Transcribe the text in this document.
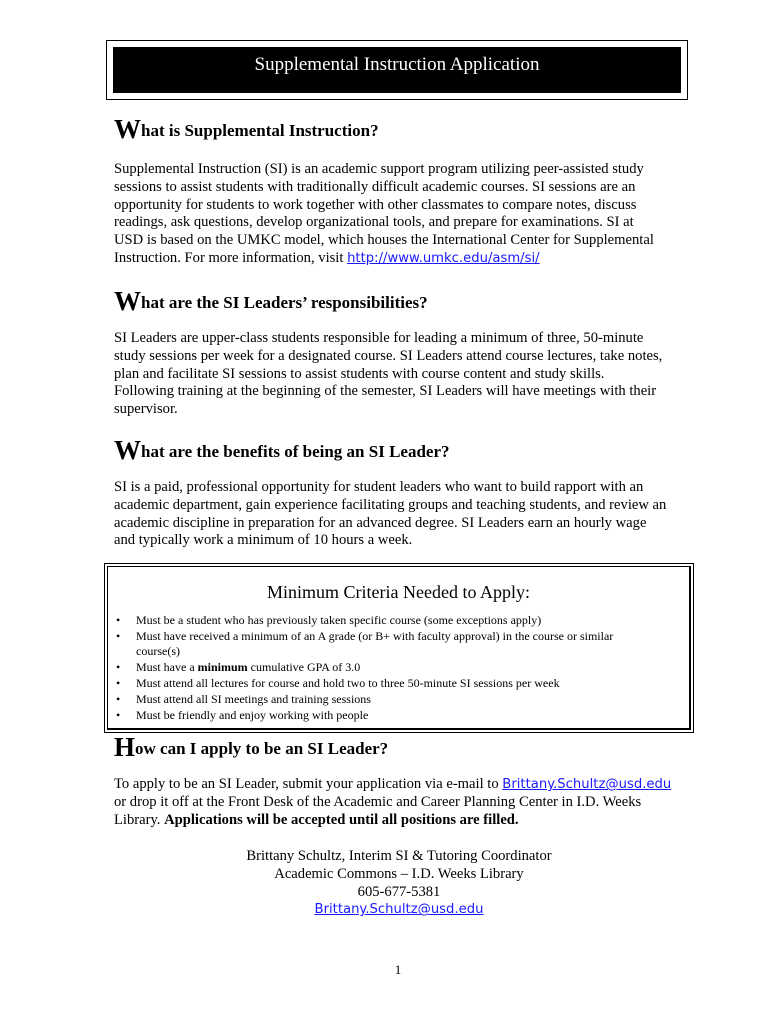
Supplemental Instruction Application
What is Supplemental Instruction?
Supplemental Instruction (SI) is an academic support program utilizing peer-assisted study
sessions to assist students with traditionally difficult academic courses. SI sessions are an
opportunity for students to work together with other classmates to compare notes, discuss
readings, ask questions, develop organizational tools, and prepare for examinations. SI at
USD is based on the UMKC model, which houses the International Center for Supplemental
Instruction. For more information, visit http://www.umkc.edu/asm/si/
What are the SI Leaders’ responsibilities?
SI Leaders are upper-class students responsible for leading a minimum of three, 50-minute
study sessions per week for a designated course. SI Leaders attend course lectures, take notes,
plan and facilitate SI sessions to assist students with course content and study skills.
Following training at the beginning of the semester, SI Leaders will have meetings with their
supervisor.
What are the benefits of being an SI Leader?
SI is a paid, professional opportunity for student leaders who want to build rapport with an
academic department, gain experience facilitating groups and teaching students, and review an
academic discipline in preparation for an advanced degree. SI Leaders earn an hourly wage
and typically work a minimum of 10 hours a week.
Minimum Criteria Needed to Apply:
• Must be a student who has previously taken specific course (some exceptions apply)
• Must have received a minimum of an A grade (or B+ with faculty approval) in the course or similar
course(s)
• Must have a minimum cumulative GPA of 3.0
• Must attend all lectures for course and hold two to three 50-minute SI sessions per week
• Must attend all SI meetings and training sessions
• Must be friendly and enjoy working with people
How can I apply to be an SI Leader?
To apply to be an SI Leader, submit your application via e-mail to Brittany.Schultz@usd.edu
or drop it off at the Front Desk of the Academic and Career Planning Center in I.D. Weeks
Library. Applications will be accepted until all positions are filled.
Brittany Schultz, Interim SI & Tutoring Coordinator
Academic Commons – I.D. Weeks Library
605-677-5381
Brittany.Schultz@usd.edu
1
